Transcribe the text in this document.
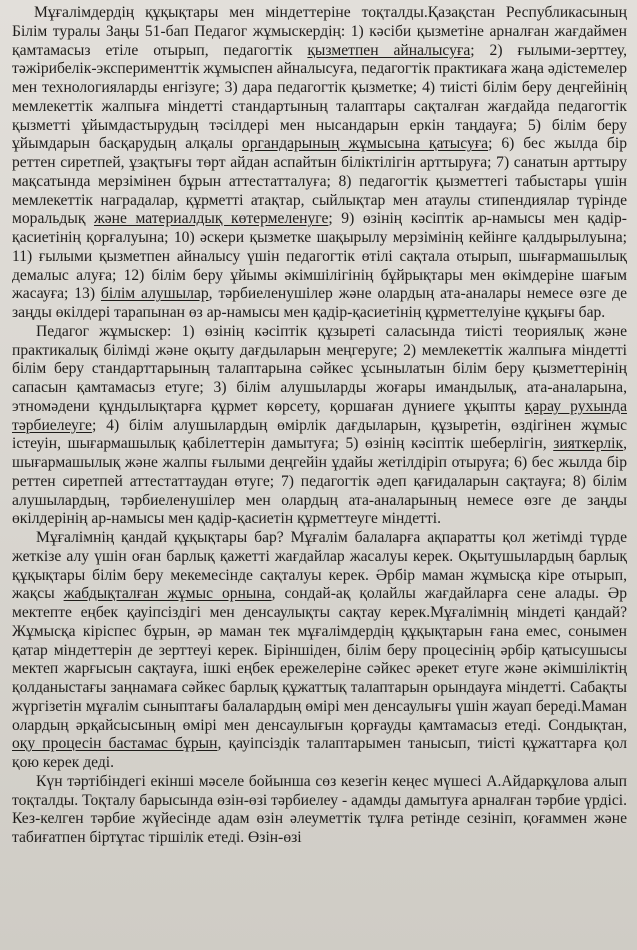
Мұғалімдердің құқықтары мен міндеттеріне тоқталды.Қазақстан Республикасының Білім туралы Заңы 51-бап Педагог жұмыскердің: 1) кәсіби қызметіне арналған жағдаймен қамтамасыз етіле отырып, педагогтік қызметпен айналысуға; 2) ғылыми-зерттеу, тәжірибелік-эксперименттік жұмыспен айналысуға, педагогтік практикаға жаңа әдістемелер мен технологияларды енгізуге; 3) дара педагогтік қызметке; 4) тиісті білім беру деңгейінің мемлекеттік жалпыға міндетті стандартының талаптары сақталған жағдайда педагогтік қызметті ұйымдастырудың тәсілдері мен нысандарын еркін таңдауға; 5) білім беру ұйымдарын басқарудың алқалы органдарының жұмысына қатысуға; 6) бес жылда бір реттен сиретпей, ұзақтығы төрт айдан аспайтын біліктілігін арттыруға; 7) санатын арттыру мақсатында мерзімінен бұрын аттестатталуға; 8) педагогтік қызметтегі табыстары үшін мемлекеттік наградалар, құрметті атақтар, сыйлықтар мен атаулы стипендиялар түрінде моральдық және материалдық көтермеленуге; 9) өзінің кәсіптік ар-намысы мен қадір-қасиетінің қорғалуына; 10) әскери қызметке шақырылу мерзімінің кейінге қалдырылуына; 11) ғылыми қызметпен айналысу үшін педагогтік өтілі сақтала отырып, шығармашылық демалыс алуға; 12) білім беру ұйымы әкімшілігінің бұйрықтары мен өкімдеріне шағым жасауға; 13) білім алушылар, тәрбиеленушілер және олардың ата-аналары немесе өзге де заңды өкілдері тарапынан өз ар-намысы мен қадір-қасиетінің құрметтелуіне құқығы бар.

Педагог жұмыскер: 1) өзінің кәсіптік құзыреті саласында тиісті теориялық және практикалық білімді және оқыту дағдыларын меңгеруге; 2) мемлекеттік жалпыға міндетті білім беру стандарттарының талаптарына сәйкес ұсынылатын білім беру қызметтерінің сапасын қамтамасыз етуге; 3) білім алушыларды жоғары имандылық, ата-аналарына, этномәдени құндылықтарға құрмет көрсету, қоршаған дүниеге ұқыпты қарау рухында тәрбиелеуге; 4) білім алушылардың өмірлік дағдыларын, құзыретін, өздігінен жұмыс істеуін, шығармашылық қабілеттерін дамытуға; 5) өзінің кәсіптік шеберлігін, зияткерлік, шығармашылық және жалпы ғылыми деңгейін ұдайы жетілдіріп отыруға; 6) бес жылда бір реттен сиретпей аттестаттаудан өтуге; 7) педагогтік әдеп қағидаларын сақтауға; 8) білім алушылардың, тәрбиеленушілер мен олардың ата-аналарының немесе өзге де заңды өкілдерінің ар-намысы мен қадір-қасиетін құрметтеуге міндетті.

Мұғалімнің қандай құқықтары бар? Мұғалім балаларға ақпаратты қол жетімді түрде жеткізе алу үшін оған барлық қажетті жағдайлар жасалуы керек. Оқытушылардың барлық құқықтары білім беру мекемесінде сақталуы керек. Әрбір маман жұмысқа кіре отырып, жақсы жабдықталған жұмыс орнына, сондай-ақ қолайлы жағдайларға сене алады. Әр мектепте еңбек қауіпсіздігі мен денсаулықты сақтау керек.Мұғалімнің міндеті қандай? Жұмысқа кіріспес бұрын, әр маман тек мұғалімдердің құқықтарын ғана емес, сонымен қатар міндеттерін де зерттеуі керек. Біріншіден, білім беру процесінің әрбір қатысушысы мектеп жарғысын сақтауға, ішкі еңбек ережелеріне сәйкес әрекет етуге және әкімшіліктің қолданыстағы заңнамаға сәйкес барлық құжаттық талаптарын орындауға міндетті. Сабақты жүргізетін мұғалім сыныптағы балалардың өмірі мен денсаулығы үшін жауап береді.Маман олардың әрқайсысының өмірі мен денсаулығын қорғауды қамтамасыз етеді. Сондықтан, оқу процесін бастамас бұрын, қауіпсіздік талаптарымен танысып, тиісті құжаттарға қол қою керек деді.

Күн тәртібіндегі екінші мәселе бойынша сөз кезегін кеңес мүшесі А.Айдарқұлова алып тоқталды. Тоқталу барысында өзін-өзі тәрбиелеу - адамды дамытуға арналған тәрбие үрдісі. Кез-келген тәрбие жүйесінде адам өзін әлеуметтік тұлға ретінде сезініп, қоғаммен және табиғатпен біртұтас тіршілік етеді. Өзін-өзі
